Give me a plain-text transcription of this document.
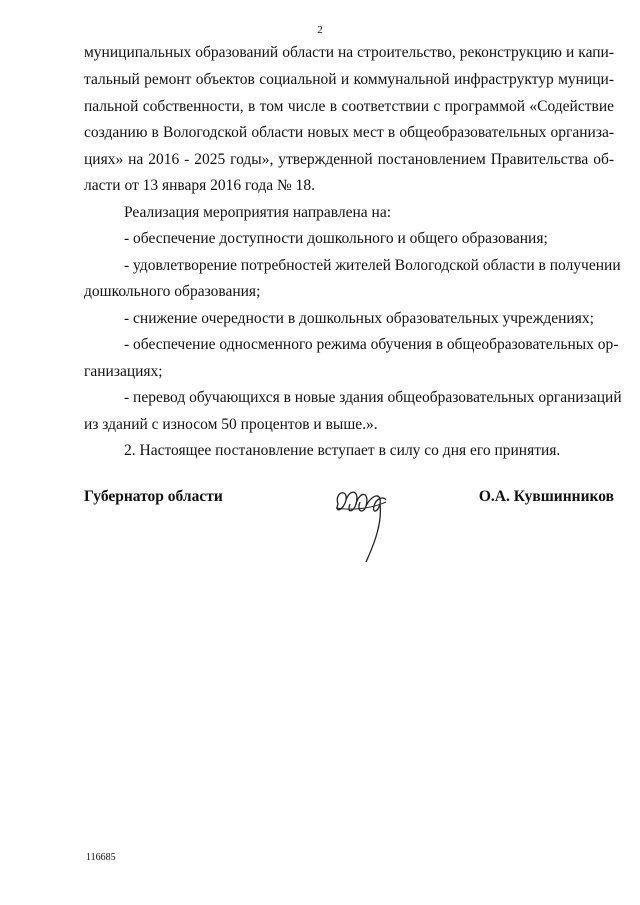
2
муниципальных образований области на строительство, реконструкцию и капи-
тальный ремонт объектов социальной и коммунальной инфраструктур муници-
пальной собственности, в том числе в соответствии с программой «Содействие
созданию в Вологодской области новых мест в общеобразовательных организа-
циях» на 2016 - 2025 годы», утвержденной постановлением Правительства об-
ласти от 13 января 2016 года № 18.
Реализация мероприятия направлена на:
- обеспечение доступности дошкольного и общего образования;
- удовлетворение потребностей жителей Вологодской области в получении
дошкольного образования;
- снижение очередности в дошкольных образовательных учреждениях;
- обеспечение односменного режима обучения в общеобразовательных ор-
ганизациях;
- перевод обучающихся в новые здания общеобразовательных организаций
из зданий с износом 50 процентов и выше.».
2. Настоящее постановление вступает в силу со дня его принятия.
Губернатор области	О.А. Кувшинников
116685
